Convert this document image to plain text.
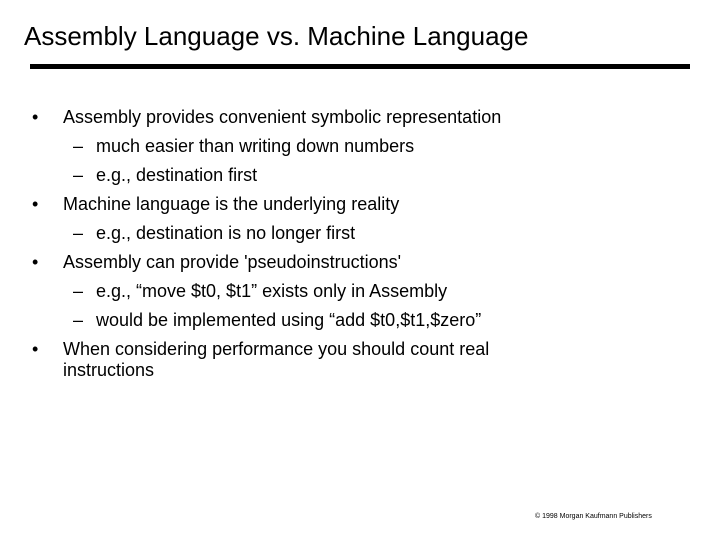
Assembly Language vs. Machine Language
• Assembly provides convenient symbolic representation
– much easier than writing down numbers
– e.g., destination first
• Machine language is the underlying reality
– e.g., destination is no longer first
• Assembly can provide 'pseudoinstructions'
– e.g., “move $t0, $t1” exists only in Assembly
– would be implemented using “add $t0,$t1,$zero”
• When considering performance you should count real
instructions
© 1998 Morgan Kaufmann Publishers
